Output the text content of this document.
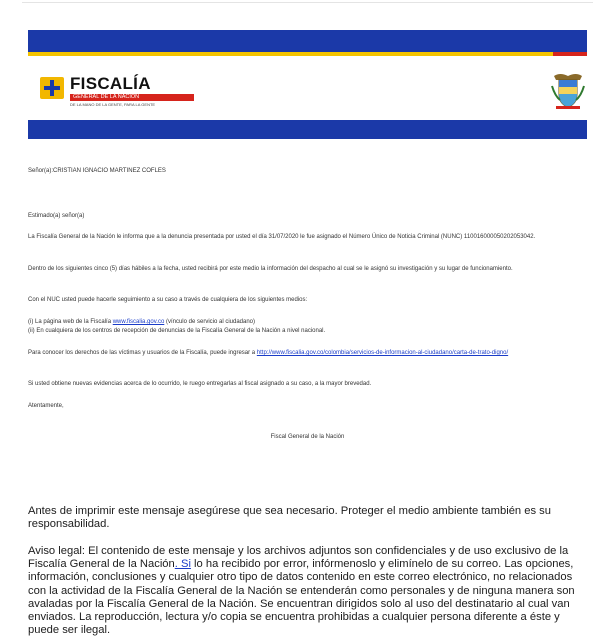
FISCALÍA
GENERAL DE LA NACIÓN
DE LA MANO DE LA GENTE, PARA LA GENTE
Señor(a):CRISTIAN IGNACIO MARTINEZ COFLES
Estimado(a) señor(a)
La Fiscalía General de la Nación le informa que a la denuncia presentada por usted el día 31/07/2020 le fue asignado el Número Único de Noticia Criminal (NUNC) 110016000050202053042.
Dentro de los siguientes cinco (5) días hábiles a la fecha, usted recibirá por este medio la información del despacho al cual se le asignó su investigación y su lugar de funcionamiento.
Con el NUC usted puede hacerle seguimiento a su caso a través de cualquiera de los siguientes medios:
(i) La página web de la Fiscalía www.fiscalia.gov.co (vínculo de servicio al ciudadano)
(ii) En cualquiera de los centros de recepción de denuncias de la Fiscalía General de la Nación a nivel nacional.
Para conocer los derechos de las víctimas y usuarios de la Fiscalía, puede ingresar a http://www.fiscalia.gov.co/colombia/servicios-de-informacion-al-ciudadano/carta-de-trato-digno/
Si usted obtiene nuevas evidencias acerca de lo ocurrido, le ruego entregarlas al fiscal asignado a su caso, a la mayor brevedad.
Atentamente,
Fiscal General de la Nación
Antes de imprimir este mensaje asegúrese que sea necesario. Proteger el medio ambiente también es su responsabilidad.
Aviso legal: El contenido de este mensaje y los archivos adjuntos son confidenciales y de uso exclusivo de la Fiscalía General de la Nación. Si lo ha recibido por error, infórmenoslo y elimínelo de su correo. Las opciones, información, conclusiones y cualquier otro tipo de datos contenido en este correo electrónico, no relacionados con la actividad de la Fiscalía General de la Nación se entenderán como personales y de ninguna manera son avaladas por la Fiscalía General de la Nación. Se encuentran dirigidos solo al uso del destinatario al cual van enviados. La reproducción, lectura y/o copia se encuentra prohibidas a cualquier persona diferente a éste y puede ser ilegal.
